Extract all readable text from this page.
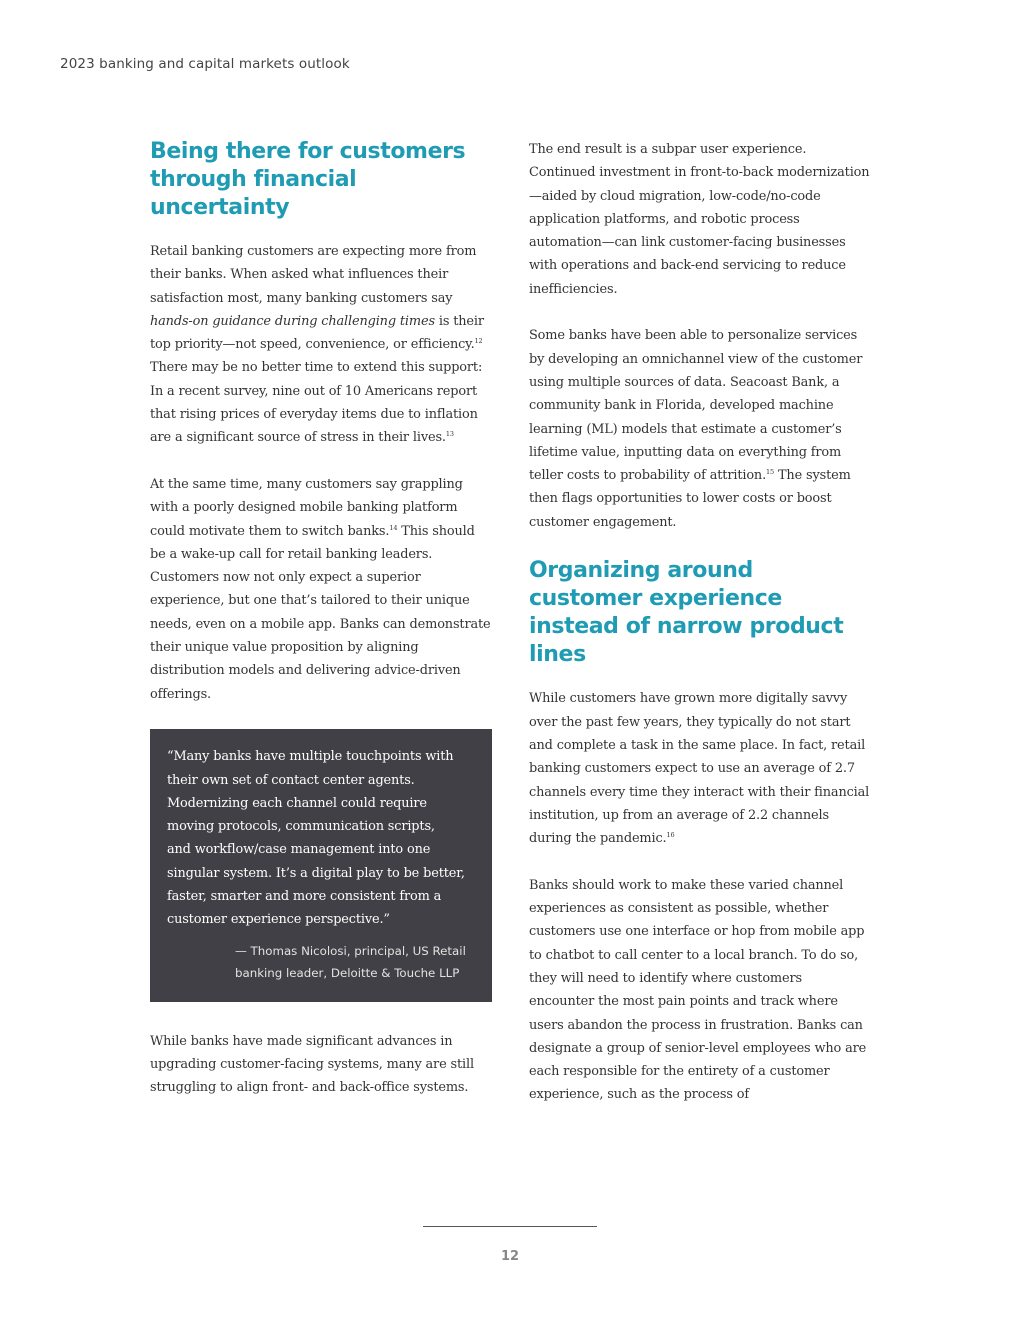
2023 banking and capital markets outlook
Being there for customers through financial uncertainty

Retail banking customers are expecting more from their banks. When asked what influences their satisfaction most, many banking customers say hands-on guidance during challenging times is their top priority—not speed, convenience, or efficiency.$^{12}$ There may be no better time to extend this support: In a recent survey, nine out of 10 Americans report that rising prices of everyday items due to inflation are a significant source of stress in their lives.$^{13}$

At the same time, many customers say grappling with a poorly designed mobile banking platform could motivate them to switch banks.$^{14}$ This should be a wake-up call for retail banking leaders. Customers now not only expect a superior experience, but one that’s tailored to their unique needs, even on a mobile app. Banks can demonstrate their unique value proposition by aligning distribution models and delivering advice-driven offerings.

“Many banks have multiple touchpoints with
their own set of contact center agents.
Modernizing each channel could require
moving protocols, communication scripts,
and workflow/case management into one
singular system. It’s a digital play to be better,
faster, smarter and more consistent from a
customer experience perspective.”
— Thomas Nicolosi, principal, US Retail
banking leader, Deloitte & Touche LLP

While banks have made significant advances in upgrading customer-facing systems, many are still struggling to align front- and back-office systems.

The end result is a subpar user experience. Continued investment in front-to-back modernization—aided by cloud migration, low-code/no-code application platforms, and robotic process automation—can link customer-facing businesses with operations and back-end servicing to reduce inefficiencies.

Some banks have been able to personalize services by developing an omnichannel view of the customer using multiple sources of data. Seacoast Bank, a community bank in Florida, developed machine learning (ML) models that estimate a customer’s lifetime value, inputting data on everything from teller costs to probability of attrition.$^{15}$ The system then flags opportunities to lower costs or boost customer engagement.

Organizing around customer experience instead of narrow product lines

While customers have grown more digitally savvy over the past few years, they typically do not start and complete a task in the same place. In fact, retail banking customers expect to use an average of 2.7 channels every time they interact with their financial institution, up from an average of 2.2 channels during the pandemic.$^{16}$

Banks should work to make these varied channel experiences as consistent as possible, whether customers use one interface or hop from mobile app to chatbot to call center to a local branch. To do so, they will need to identify where customers encounter the most pain points and track where users abandon the process in frustration. Banks can designate a group of senior-level employees who are each responsible for the entirety of a customer experience, such as the process of

12
